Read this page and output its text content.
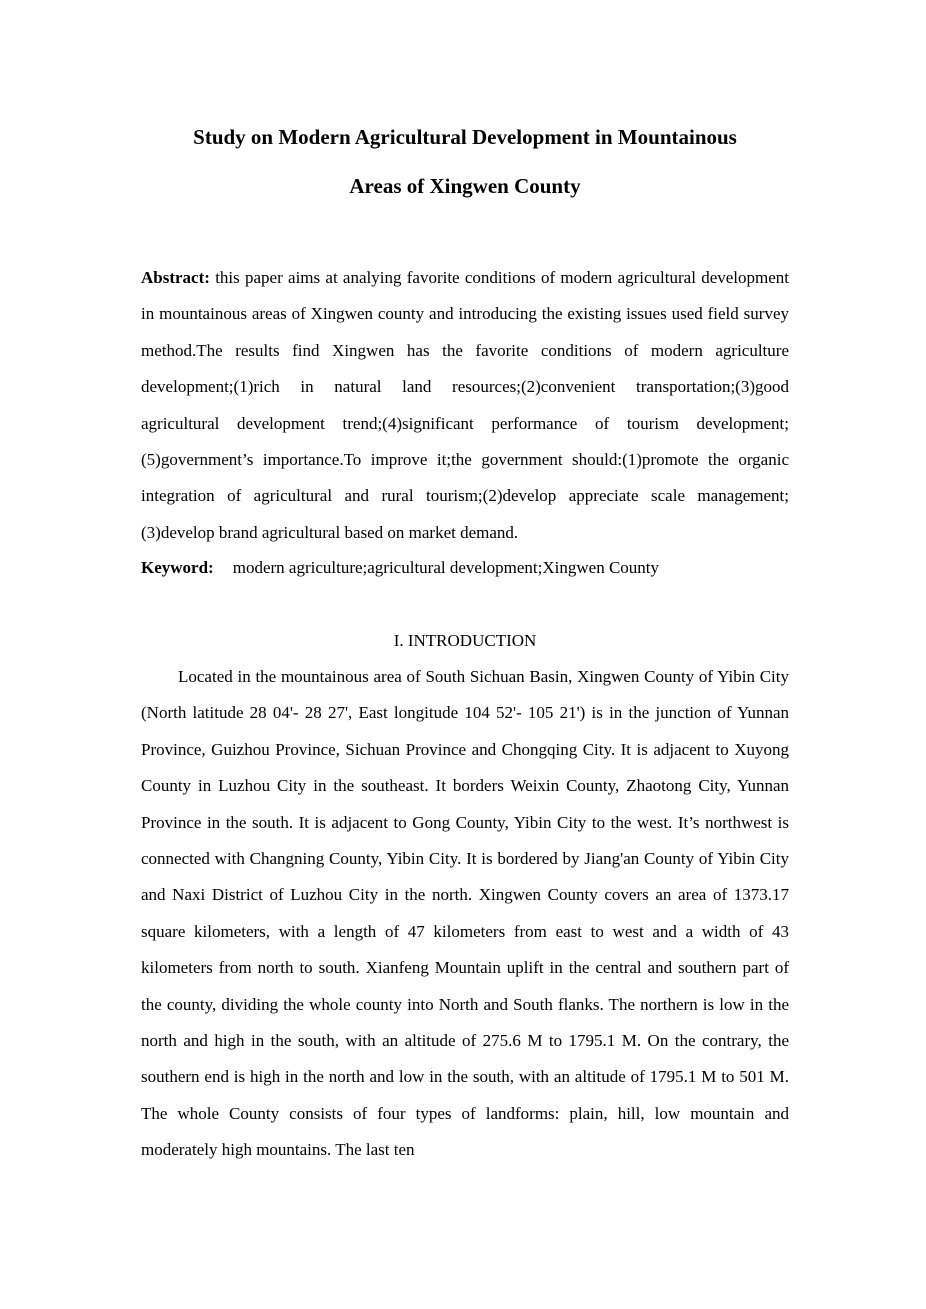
Study on Modern Agricultural Development in Mountainous
Areas of Xingwen County
Abstract: this paper aims at analying favorite conditions of modern agricultural development in mountainous areas of Xingwen county and introducing the existing issues used field survey method.The results find Xingwen has the favorite conditions of modern agriculture development;(1)rich in natural land resources;(2)convenient transportation;(3)good agricultural development trend;(4)significant performance of tourism development;(5)government’s importance.To improve it;the government should:(1)promote the organic integration of agricultural and rural tourism;(2)develop appreciate scale management;(3)develop brand agricultural based on market demand.
Keyword: modern agriculture;agricultural development;Xingwen County
I. INTRODUCTION

Located in the mountainous area of South Sichuan Basin, Xingwen County of Yibin City (North latitude 28 04'- 28 27', East longitude 104 52'- 105 21') is in the junction of Yunnan Province, Guizhou Province, Sichuan Province and Chongqing City. It is adjacent to Xuyong County in Luzhou City in the southeast. It borders Weixin County, Zhaotong City, Yunnan Province in the south. It is adjacent to Gong County, Yibin City to the west. It’s northwest is connected with Changning County, Yibin City. It is bordered by Jiang'an County of Yibin City and Naxi District of Luzhou City in the north. Xingwen County covers an area of 1373.17 square kilometers, with a length of 47 kilometers from east to west and a width of 43 kilometers from north to south. Xianfeng Mountain uplift in the central and southern part of the county, dividing the whole county into North and South flanks. The northern is low in the north and high in the south, with an altitude of 275.6 M to 1795.1 M. On the contrary, the southern end is high in the north and low in the south, with an altitude of 1795.1 M to 501 M. The whole County consists of four types of landforms: plain, hill, low mountain and moderately high mountains. The last ten
